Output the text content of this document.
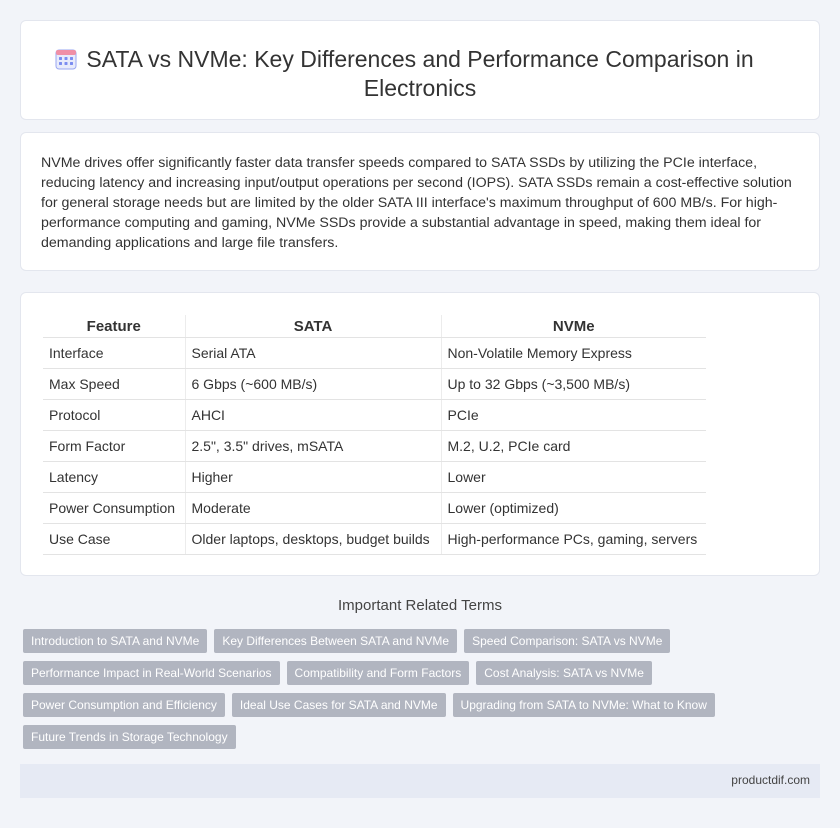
SATA vs NVMe: Key Differences and Performance Comparison in Electronics

NVMe drives offer significantly faster data transfer speeds compared to SATA SSDs by utilizing the PCIe interface, reducing latency and increasing input/output operations per second (IOPS). SATA SSDs remain a cost-effective solution for general storage needs but are limited by the older SATA III interface's maximum throughput of 600 MB/s. For high-performance computing and gaming, NVMe SSDs provide a substantial advantage in speed, making them ideal for demanding applications and large file transfers.

Feature	SATA	NVMe
Interface	Serial ATA	Non-Volatile Memory Express
Max Speed	6 Gbps (~600 MB/s)	Up to 32 Gbps (~3,500 MB/s)
Protocol	AHCI	PCIe
Form Factor	2.5", 3.5" drives, mSATA	M.2, U.2, PCIe card
Latency	Higher	Lower
Power Consumption	Moderate	Lower (optimized)
Use Case	Older laptops, desktops, budget builds	High-performance PCs, gaming, servers
Important Related Terms
Introduction to SATA and NVMe	Key Differences Between SATA and NVMe	Speed Comparison: SATA vs NVMe
Performance Impact in Real-World Scenarios	Compatibility and Form Factors	Cost Analysis: SATA vs NVMe
Power Consumption and Efficiency	Ideal Use Cases for SATA and NVMe	Upgrading from SATA to NVMe: What to Know
Future Trends in Storage Technology
productdif.com
